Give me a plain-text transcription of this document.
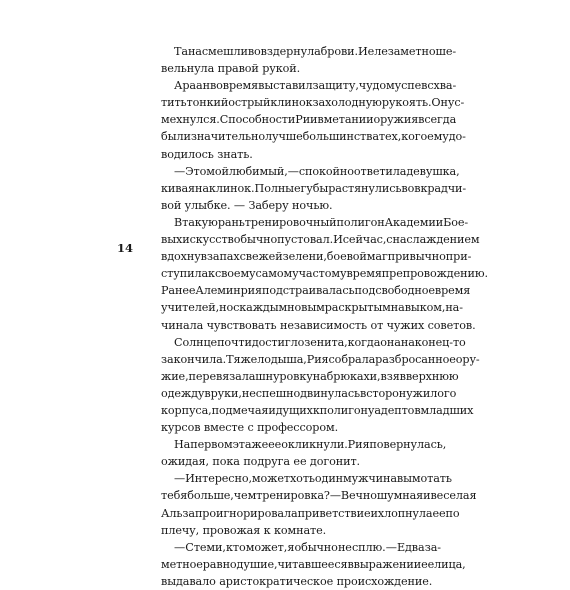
14
Та насмешливо вздернула брови. И еле заметно ше-
вельнула правой рукой.
Араан вовремя выставил защиту, чудом успев схва-
тить тонкий острый клинок за холодную рукоять. Он ус-
мехнулся. Способности Рии в метании оружия всегда
были значительно лучше большинства тех, кого ему до-
водилось знать.
— Это мой любимый, — спокойно ответила девушка,
кивая на клинок. Полные губы растянулись во вкрадчи-
вой улыбке. — Заберу ночью.
В такую рань тренировочный полигон Академии Бое-
вых искусств обычно пустовал. И сейчас, с наслаждением
вдохнув запах свежей зелени, боевой маг привычно при-
ступила к своему самому частому времяпрепровождению.
Ранее Алеминрия подстраивалась под свободное время
учителей, но с каждым новым раскрытым навыком, на-
чинала чувствовать независимость от чужих советов.
Солнце почти достигло зенита, когда она наконец-то
закончила. Тяжело дыша, Рия собрала разбросанное ору-
жие, перевязала шнуровку на брюках и, взяв верхнюю
одежду в руки, неспешно двинулась в сторону жилого
корпуса, подмечая идущих к полигону адептов младших
курсов вместе с профессором.
На первом этаже ее окликнули. Рия повернулась,
ожидая, пока подруга ее догонит.
— Интересно, может хоть один мужчина вымотать
тебя больше, чем тренировка? — Вечно шумная и веселая
Альза проигнорировала приветствие и хлопнула ее по
плечу, провожая к комнате.
— С теми, кто может, я обычно не сплю. — Едва за-
метное равнодушие, читавшееся в выражении ее лица,
выдавало аристократическое происхождение.
